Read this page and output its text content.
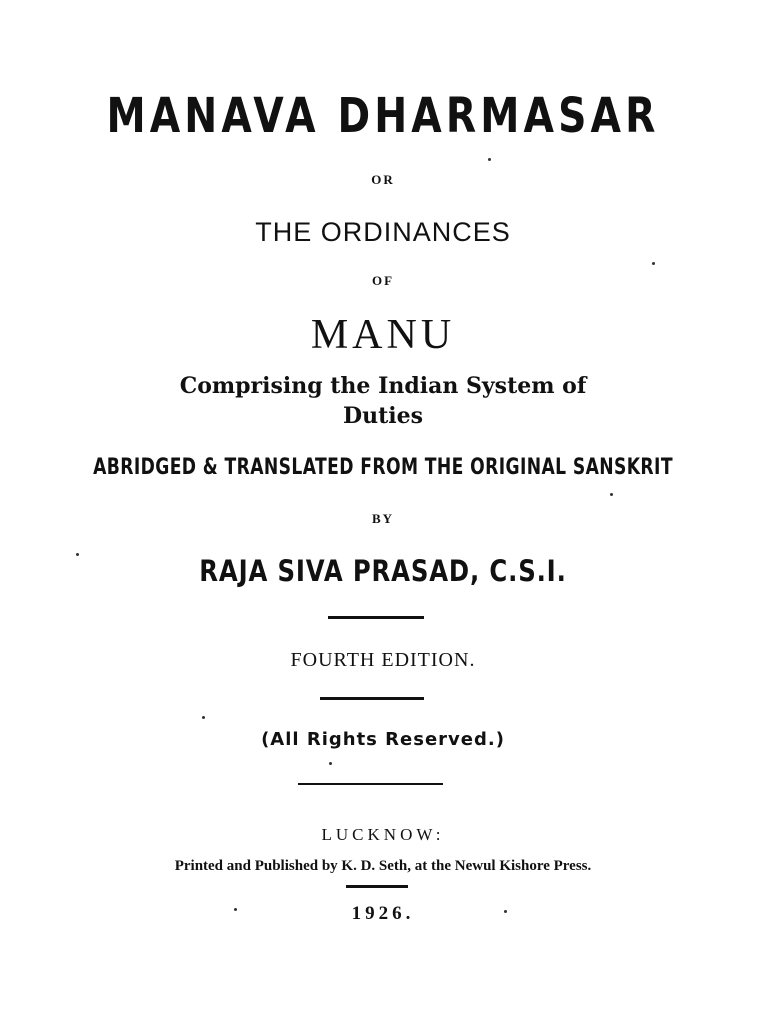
MANAVA DHARMASAR
OR
THE ORDINANCES
OF
MANU
Comprising the Indian System of
Duties
ABRIDGED & TRANSLATED FROM THE ORIGINAL SANSKRIT
BY
RAJA SIVA PRASAD, C.S.I.
FOURTH EDITION.
(All Rights Reserved.)
LUCKNOW:
Printed and Published by K. D. Seth, at the Newul Kishore Press.
1926.
